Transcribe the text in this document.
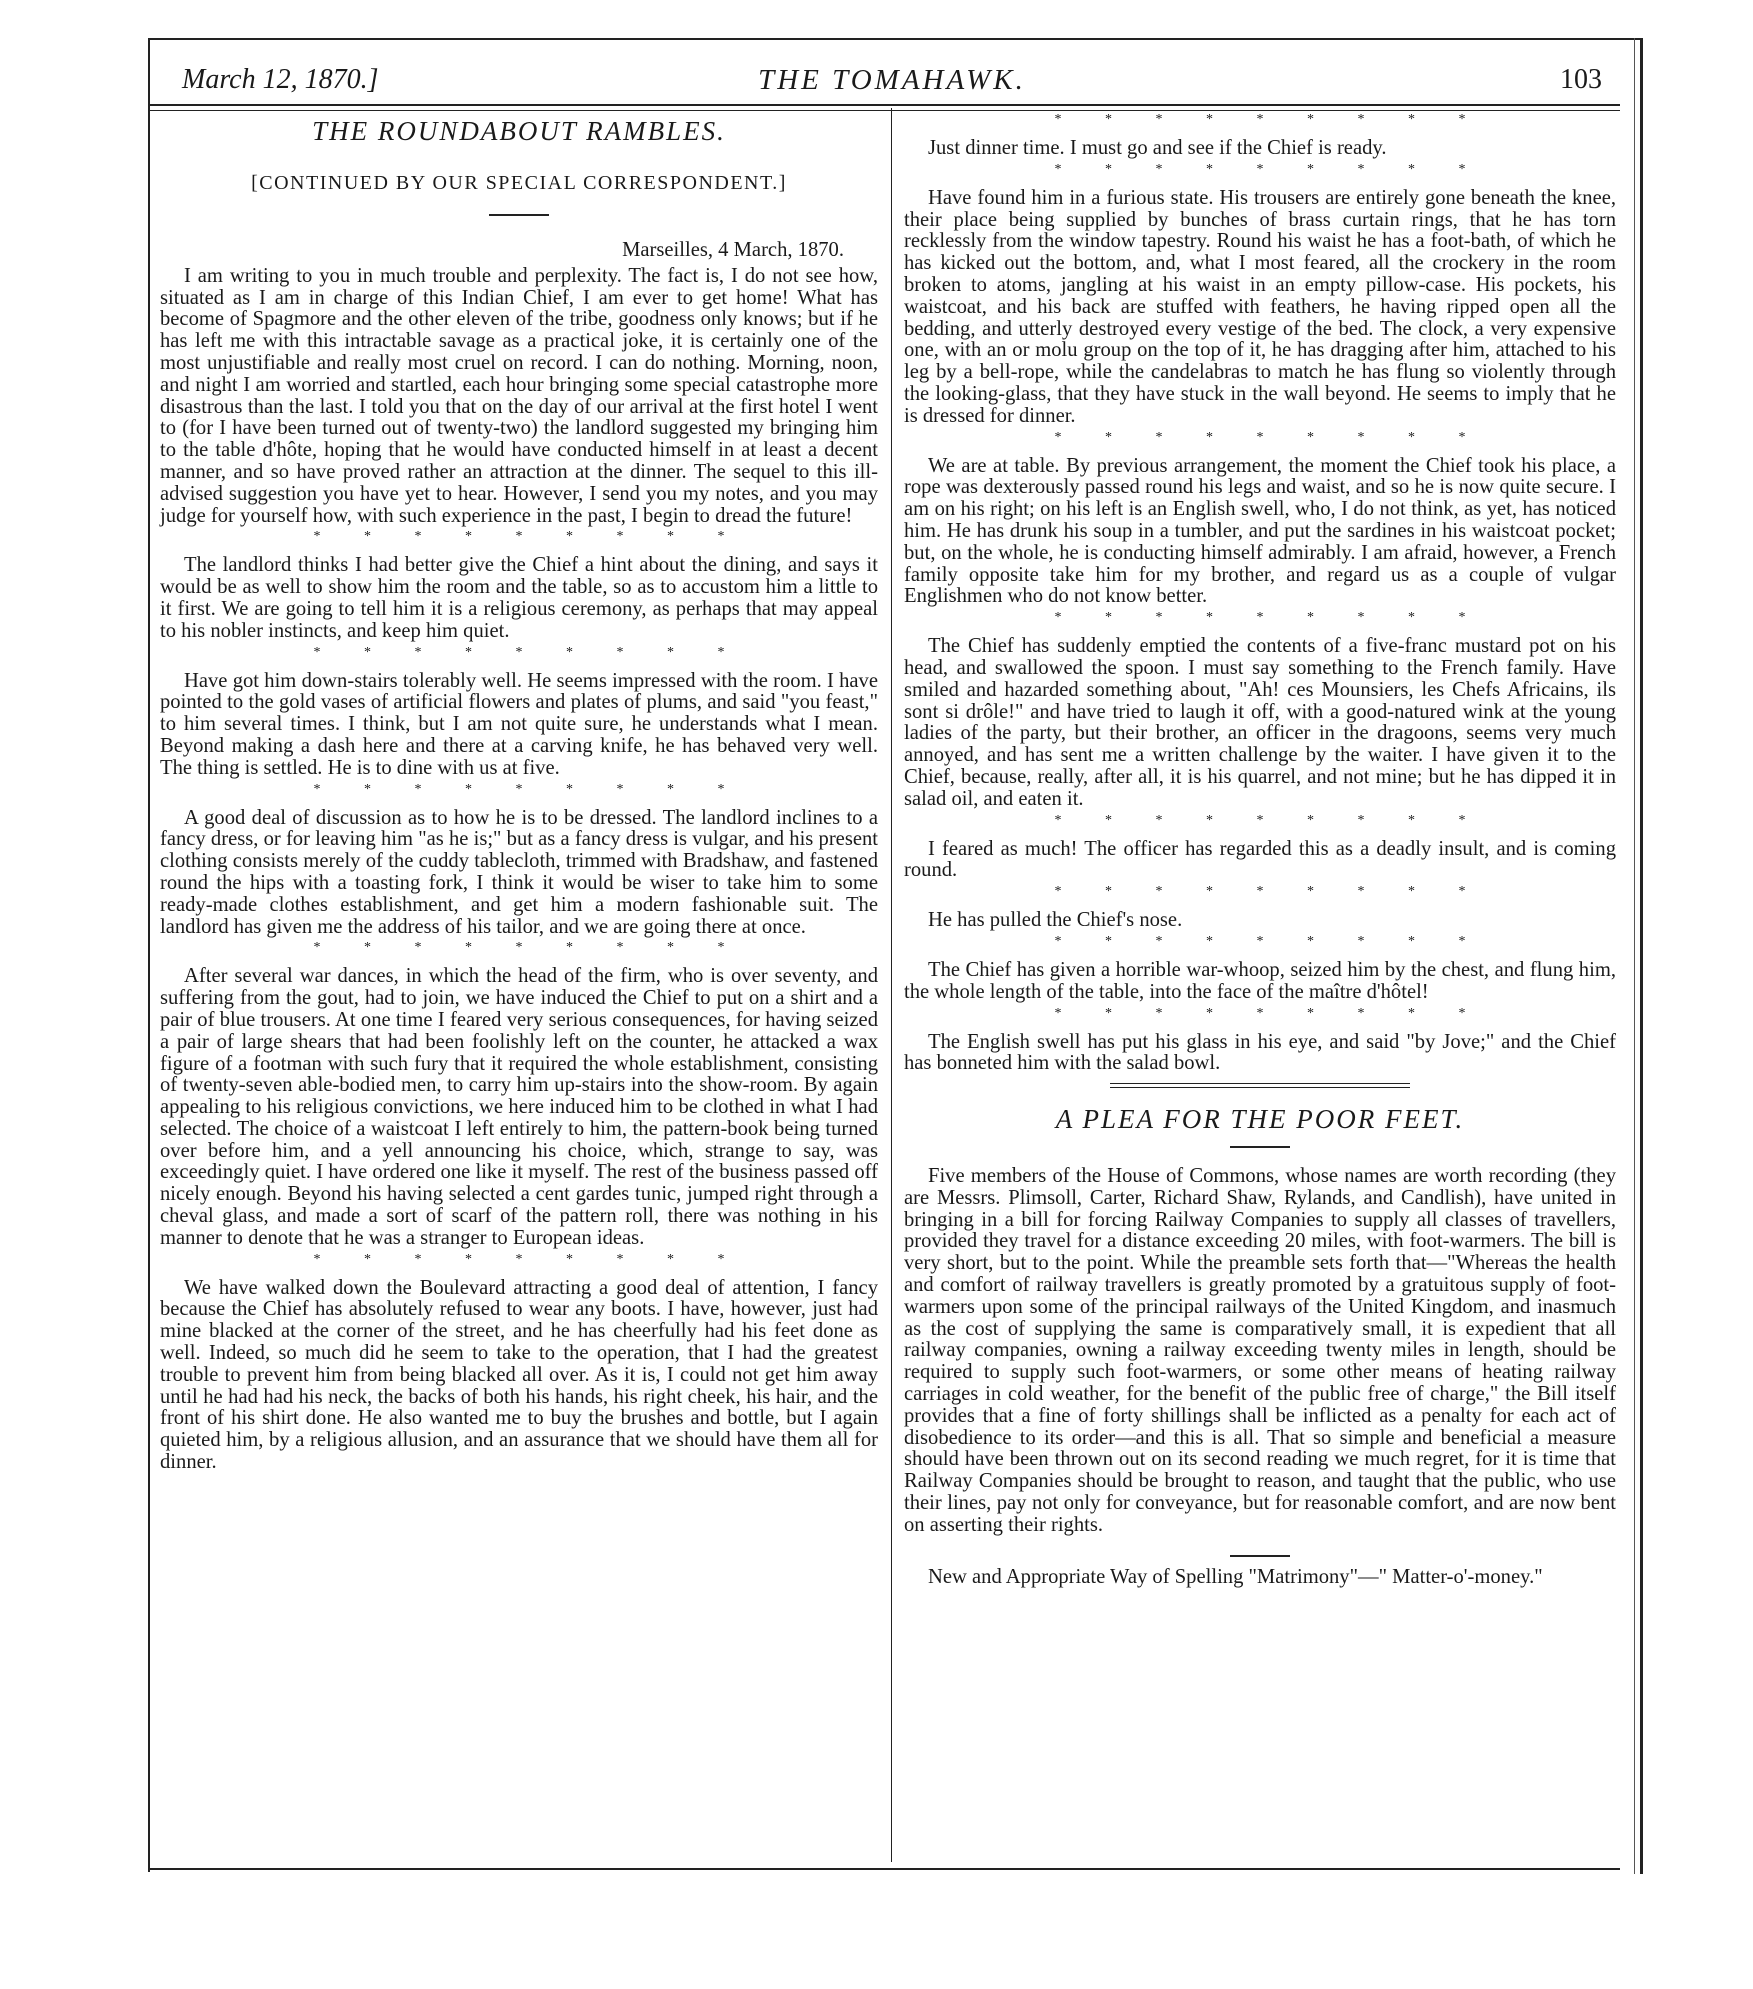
March 12, 1870.]	THE TOMAHAWK.	103
THE ROUNDABOUT RAMBLES.
[CONTINUED BY OUR SPECIAL CORRESPONDENT.]
Marseilles, 4 March, 1870.

I am writing to you in much trouble and perplexity. The fact is, I do not see how, situated as I am in charge of this Indian Chief, I am ever to get home! What has become of Spagmore and the other eleven of the tribe, goodness only knows; but if he has left me with this intractable savage as a practical joke, it is certainly one of the most unjustifiable and really most cruel on record. I can do nothing. Morning, noon, and night I am worried and startled, each hour bringing some special catastrophe more disastrous than the last. I told you that on the day of our arrival at the first hotel I went to (for I have been turned out of twenty-two) the landlord suggested my bringing him to the table d'hôte, hoping that he would have conducted himself in at least a decent manner, and so have proved rather an attraction at the dinner. The sequel to this ill-advised suggestion you have yet to hear. However, I send you my notes, and you may judge for yourself how, with such experience in the past, I begin to dread the future!

* * * * * * * * *

The landlord thinks I had better give the Chief a hint about the dining, and says it would be as well to show him the room and the table, so as to accustom him a little to it first. We are going to tell him it is a religious ceremony, as perhaps that may appeal to his nobler instincts, and keep him quiet.

* * * * * * * * *

Have got him down-stairs tolerably well. He seems impressed with the room. I have pointed to the gold vases of artificial flowers and plates of plums, and said "you feast," to him several times. I think, but I am not quite sure, he understands what I mean. Beyond making a dash here and there at a carving knife, he has behaved very well. The thing is settled. He is to dine with us at five.

* * * * * * * * *

A good deal of discussion as to how he is to be dressed. The landlord inclines to a fancy dress, or for leaving him "as he is;" but as a fancy dress is vulgar, and his present clothing consists merely of the cuddy tablecloth, trimmed with Bradshaw, and fastened round the hips with a toasting fork, I think it would be wiser to take him to some ready-made clothes establishment, and get him a modern fashionable suit. The landlord has given me the address of his tailor, and we are going there at once.

* * * * * * * * *

After several war dances, in which the head of the firm, who is over seventy, and suffering from the gout, had to join, we have induced the Chief to put on a shirt and a pair of blue trousers. At one time I feared very serious consequences, for having seized a pair of large shears that had been foolishly left on the counter, he attacked a wax figure of a footman with such fury that it required the whole establishment, consisting of twenty-seven able-bodied men, to carry him up-stairs into the show-room. By again appealing to his religious convictions, we here induced him to be clothed in what I had selected. The choice of a waistcoat I left entirely to him, the pattern-book being turned over before him, and a yell announcing his choice, which, strange to say, was exceedingly quiet. I have ordered one like it myself. The rest of the business passed off nicely enough. Beyond his having selected a cent gardes tunic, jumped right through a cheval glass, and made a sort of scarf of the pattern roll, there was nothing in his manner to denote that he was a stranger to European ideas.

* * * * * * * * *

We have walked down the Boulevard attracting a good deal of attention, I fancy because the Chief has absolutely refused to wear any boots. I have, however, just had mine blacked at the corner of the street, and he has cheerfully had his feet done as well. Indeed, so much did he seem to take to the operation, that I had the greatest trouble to prevent him from being blacked all over. As it is, I could not get him away until he had had his neck, the backs of both his hands, his right cheek, his hair, and the front of his shirt done. He also wanted me to buy the brushes and bottle, but I again quieted him, by a religious allusion, and an assurance that we should have them all for dinner.

* * * * * * * * *

Just dinner time. I must go and see if the Chief is ready.

* * * * * * * * *

Have found him in a furious state. His trousers are entirely gone beneath the knee, their place being supplied by bunches of brass curtain rings, that he has torn recklessly from the window tapestry. Round his waist he has a foot-bath, of which he has kicked out the bottom, and, what I most feared, all the crockery in the room broken to atoms, jangling at his waist in an empty pillow-case. His pockets, his waistcoat, and his back are stuffed with feathers, he having ripped open all the bedding, and utterly destroyed every vestige of the bed. The clock, a very expensive one, with an or molu group on the top of it, he has dragging after him, attached to his leg by a bell-rope, while the candelabras to match he has flung so violently through the looking-glass, that they have stuck in the wall beyond. He seems to imply that he is dressed for dinner.

* * * * * * * * *

We are at table. By previous arrangement, the moment the Chief took his place, a rope was dexterously passed round his legs and waist, and so he is now quite secure. I am on his right; on his left is an English swell, who, I do not think, as yet, has noticed him. He has drunk his soup in a tumbler, and put the sardines in his waistcoat pocket; but, on the whole, he is conducting himself admirably. I am afraid, however, a French family opposite take him for my brother, and regard us as a couple of vulgar Englishmen who do not know better.

* * * * * * * * *

The Chief has suddenly emptied the contents of a five-franc mustard pot on his head, and swallowed the spoon. I must say something to the French family. Have smiled and hazarded something about, "Ah! ces Mounsiers, les Chefs Africains, ils sont si drôle!" and have tried to laugh it off, with a good-natured wink at the young ladies of the party, but their brother, an officer in the dragoons, seems very much annoyed, and has sent me a written challenge by the waiter. I have given it to the Chief, because, really, after all, it is his quarrel, and not mine; but he has dipped it in salad oil, and eaten it.

* * * * * * * * *

I feared as much! The officer has regarded this as a deadly insult, and is coming round.

* * * * * * * * *

He has pulled the Chief's nose.

* * * * * * * * *

The Chief has given a horrible war-whoop, seized him by the chest, and flung him, the whole length of the table, into the face of the maître d'hôtel!

* * * * * * * * *

The English swell has put his glass in his eye, and said "by Jove;" and the Chief has bonneted him with the salad bowl.

A PLEA FOR THE POOR FEET.

Five members of the House of Commons, whose names are worth recording (they are Messrs. Plimsoll, Carter, Richard Shaw, Rylands, and Candlish), have united in bringing in a bill for forcing Railway Companies to supply all classes of travellers, provided they travel for a distance exceeding 20 miles, with foot-warmers. The bill is very short, but to the point. While the preamble sets forth that—"Whereas the health and comfort of railway travellers is greatly promoted by a gratuitous supply of foot-warmers upon some of the principal railways of the United Kingdom, and inasmuch as the cost of supplying the same is comparatively small, it is expedient that all railway companies, owning a railway exceeding twenty miles in length, should be required to supply such foot-warmers, or some other means of heating railway carriages in cold weather, for the benefit of the public free of charge," the Bill itself provides that a fine of forty shillings shall be inflicted as a penalty for each act of disobedience to its order—and this is all. That so simple and beneficial a measure should have been thrown out on its second reading we much regret, for it is time that Railway Companies should be brought to reason, and taught that the public, who use their lines, pay not only for conveyance, but for reasonable comfort, and are now bent on asserting their rights.

New and Appropriate Way of Spelling "Matrimony"—" Matter-o'-money."
